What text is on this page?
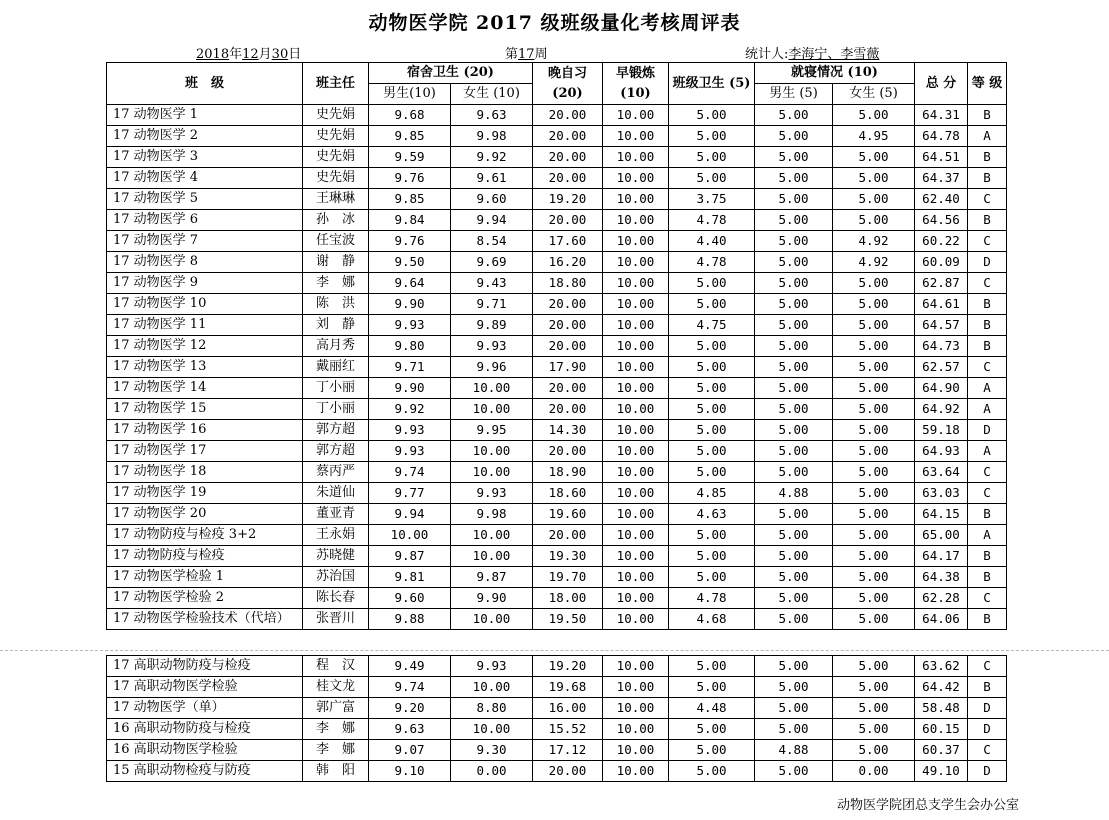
动物医学院 2017 级班级量化考核周评表
2018年12月30日	第17周	统计人:李海宁、李雪薇
班　级	班主任	宿舍卫生 (20)		晚自习 (20)	早锻炼 (10)	班级卫生 (5)	就寝情况 (10)		总 分	等 级
		男生(10)	女生 (10)				男生 (5)	女生 (5)		
17 动物医学 1	史先娟	9.68	9.63	20.00	10.00	5.00	5.00	5.00	64.31	B
17 动物医学 2	史先娟	9.85	9.98	20.00	10.00	5.00	5.00	4.95	64.78	A
17 动物医学 3	史先娟	9.59	9.92	20.00	10.00	5.00	5.00	5.00	64.51	B
17 动物医学 4	史先娟	9.76	9.61	20.00	10.00	5.00	5.00	5.00	64.37	B
17 动物医学 5	王琳琳	9.85	9.60	19.20	10.00	3.75	5.00	5.00	62.40	C
17 动物医学 6	孙　冰	9.84	9.94	20.00	10.00	4.78	5.00	5.00	64.56	B
17 动物医学 7	任宝波	9.76	8.54	17.60	10.00	4.40	5.00	4.92	60.22	C
17 动物医学 8	谢　静	9.50	9.69	16.20	10.00	4.78	5.00	4.92	60.09	D
17 动物医学 9	李　娜	9.64	9.43	18.80	10.00	5.00	5.00	5.00	62.87	C
17 动物医学 10	陈　洪	9.90	9.71	20.00	10.00	5.00	5.00	5.00	64.61	B
17 动物医学 11	刘　静	9.93	9.89	20.00	10.00	4.75	5.00	5.00	64.57	B
17 动物医学 12	高月秀	9.80	9.93	20.00	10.00	5.00	5.00	5.00	64.73	B
17 动物医学 13	戴丽红	9.71	9.96	17.90	10.00	5.00	5.00	5.00	62.57	C
17 动物医学 14	丁小丽	9.90	10.00	20.00	10.00	5.00	5.00	5.00	64.90	A
17 动物医学 15	丁小丽	9.92	10.00	20.00	10.00	5.00	5.00	5.00	64.92	A
17 动物医学 16	郭方超	9.93	9.95	14.30	10.00	5.00	5.00	5.00	59.18	D
17 动物医学 17	郭方超	9.93	10.00	20.00	10.00	5.00	5.00	5.00	64.93	A
17 动物医学 18	蔡丙严	9.74	10.00	18.90	10.00	5.00	5.00	5.00	63.64	C
17 动物医学 19	朱道仙	9.77	9.93	18.60	10.00	4.85	4.88	5.00	63.03	C
17 动物医学 20	董亚青	9.94	9.98	19.60	10.00	4.63	5.00	5.00	64.15	B
17 动物防疫与检疫 3+2	王永娟	10.00	10.00	20.00	10.00	5.00	5.00	5.00	65.00	A
17 动物防疫与检疫	苏晓健	9.87	10.00	19.30	10.00	5.00	5.00	5.00	64.17	B
17 动物医学检验 1	苏治国	9.81	9.87	19.70	10.00	5.00	5.00	5.00	64.38	B
17 动物医学检验 2	陈长春	9.60	9.90	18.00	10.00	4.78	5.00	5.00	62.28	C
17 动物医学检验技术（代培）	张晋川	9.88	10.00	19.50	10.00	4.68	5.00	5.00	64.06	B
17 高职动物防疫与检疫	程　汉	9.49	9.93	19.20	10.00	5.00	5.00	5.00	63.62	C
17 高职动物医学检验	桂文龙	9.74	10.00	19.68	10.00	5.00	5.00	5.00	64.42	B
17 动物医学（单）	郭广富	9.20	8.80	16.00	10.00	4.48	5.00	5.00	58.48	D
16 高职动物防疫与检疫	李　娜	9.63	10.00	15.52	10.00	5.00	5.00	5.00	60.15	D
16 高职动物医学检验	李　娜	9.07	9.30	17.12	10.00	5.00	4.88	5.00	60.37	C
15 高职动物检疫与防疫	韩　阳	9.10	0.00	20.00	10.00	5.00	5.00	0.00	49.10	D
动物医学院团总支学生会办公室
